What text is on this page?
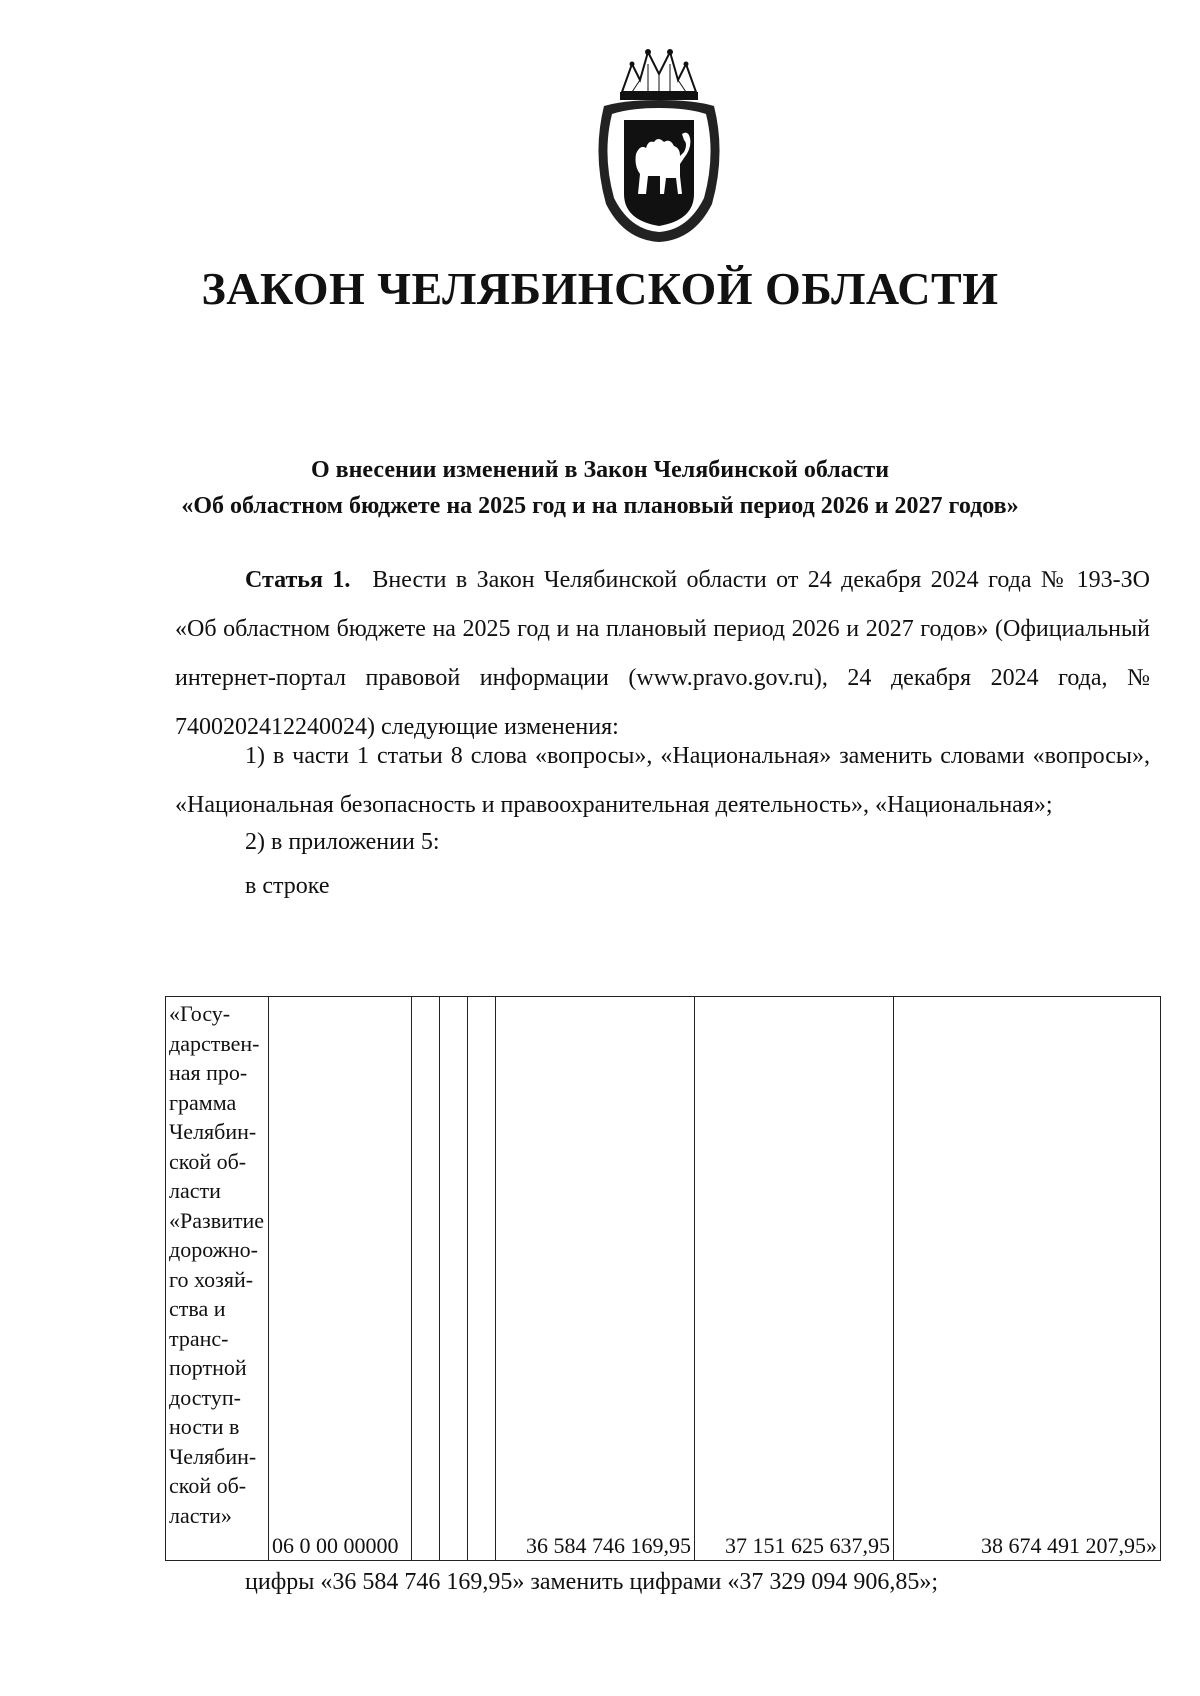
ЗАКОН ЧЕЛЯБИНСКОЙ ОБЛАСТИ
О внесении изменений в Закон Челябинской области
«Об областном бюджете на 2025 год и на плановый период 2026 и 2027 годов»

Статья 1. Внести в Закон Челябинской области от 24 декабря 2024 года № 193-ЗО «Об областном бюджете на 2025 год и на плановый период 2026 и 2027 годов» (Официальный интернет-портал правовой информации (www.pravo.gov.ru), 24 декабря 2024 года, № 7400202412240024) следующие изменения:

1) в части 1 статьи 8 слова «вопросы», «Национальная» заменить словами «вопросы», «Национальная безопасность и правоохранительная деятельность», «Национальная»;

2) в приложении 5:

в строке

«Госу-
дарствен-
ная про-
грамма
Челябин-
ской об-
ласти
«Развитие
дорожно-
го хозяй-
ства и
транс-
портной
доступ-
ности в
Челябин-
ской об-
ласти»
	06 0 00 00000				36 584 746 169,95	37 151 625 637,95	38 674 491 207,95»

цифры «36 584 746 169,95» заменить цифрами «37 329 094 906,85»;
